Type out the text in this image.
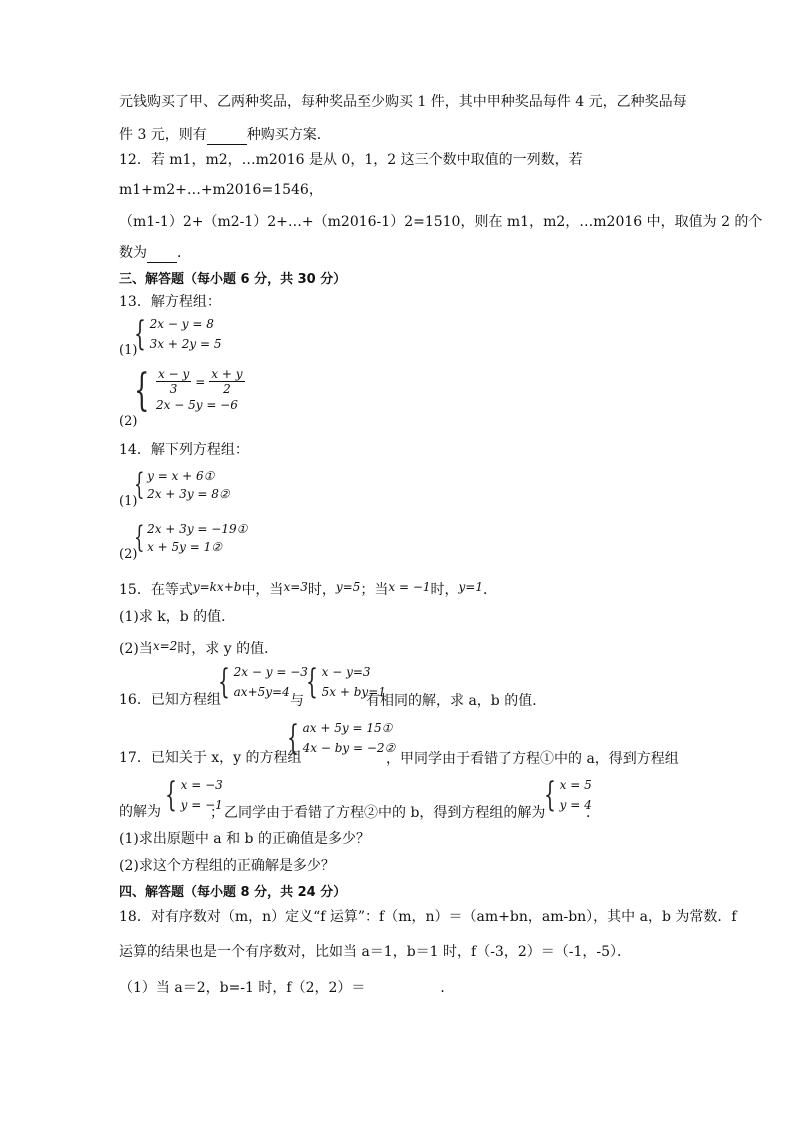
元钱购买了甲、乙两种奖品，每种奖品至少购买 1 件，其中甲种奖品每件 4 元，乙种奖品每
件 3 元，则有	种购买方案．
12．若 m1，m2，…m2016 是从 0，1，2 这三个数中取值的一列数，若
m1+m2+…+m2016=1546，
（m1-1）2+（m2-1）2+…+（m2016-1）2=1510，则在 m1，m2，…m2016 中，取值为 2 的个
数为 ．
三、解答题（每小题 6 分，共 30 分）
13．解方程组：
{ 2x − y = 8
3x + 2y = 5
(1)
{ $\frac{x - y}{3} = \frac{x + y}{2}$
2x − 5y = −6
(2)
14．解下列方程组：
{ y = x + 6①
2x + 3y = 8②
(1)
{ 2x + 3y = −19①
x + 5y = 1②
(2)
15．在等式y=kx+b中，当x=3时，y=5；当x = −1时，y=1．
(1)求 k，b 的值．
(2)当x=2时，求 y 的值．
16．已知方程组
{ 2x − y = −3
ax+5y=4
与 { x − y=3
5x + by=1
有相同的解，求 a，b 的值．
17．已知关于 x，y 的方程组
{ ax + 5y = 15①
4x − by = −2②
，甲同学由于看错了方程①中的 a，得到方程组
的解为 { x = −3
y = −1
；乙同学由于看错了方程②中的 b，得到方程组的解为
{ x = 5
y = 4
．
(1)求出原题中 a 和 b 的正确值是多少？
(2)求这个方程组的正确解是多少？
四、解答题（每小题 8 分，共 24 分）
18．对有序数对（m，n）定义“f 运算”：f（m，n）＝（am+bn，am-bn），其中 a，b 为常数．f
运算的结果也是一个有序数对，比如当 a＝1，b＝1 时，f（-3，2）＝（-1，-5）．
（1）当 a＝2，b=-1 时，f（2，2）＝	．
